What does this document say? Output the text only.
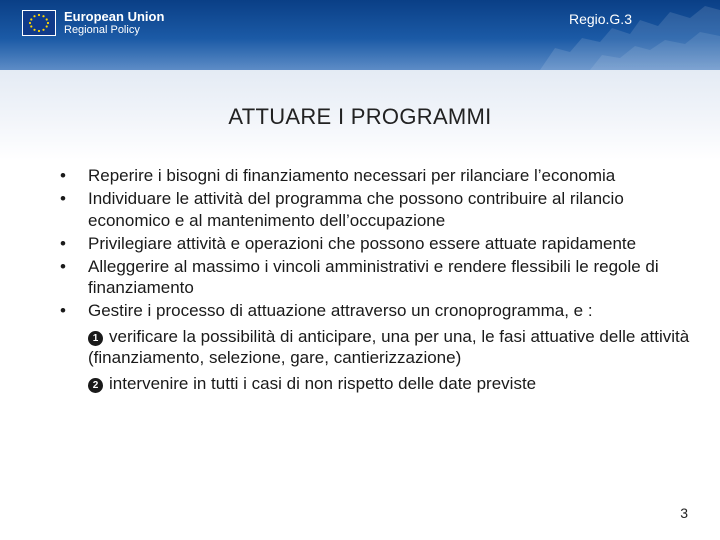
European Union
Regional Policy
Regio.G.3
ATTUARE I PROGRAMMI
• Reperire i bisogni di finanziamento necessari per rilanciare l’economia
• Individuare le attività del programma che possono contribuire al rilancio economico e al mantenimento dell’occupazione
• Privilegiare attività e operazioni che possono essere attuate rapidamente
• Alleggerire al massimo i vincoli amministrativi e rendere flessibili le regole di finanziamento
• Gestire i processo di attuazione attraverso un cronoprogramma, e :
1 verificare la possibilità di anticipare, una per una, le fasi attuative delle attività (finanziamento, selezione, gare, cantierizzazione)
2 intervenire in tutti i casi di non rispetto delle date previste
3
